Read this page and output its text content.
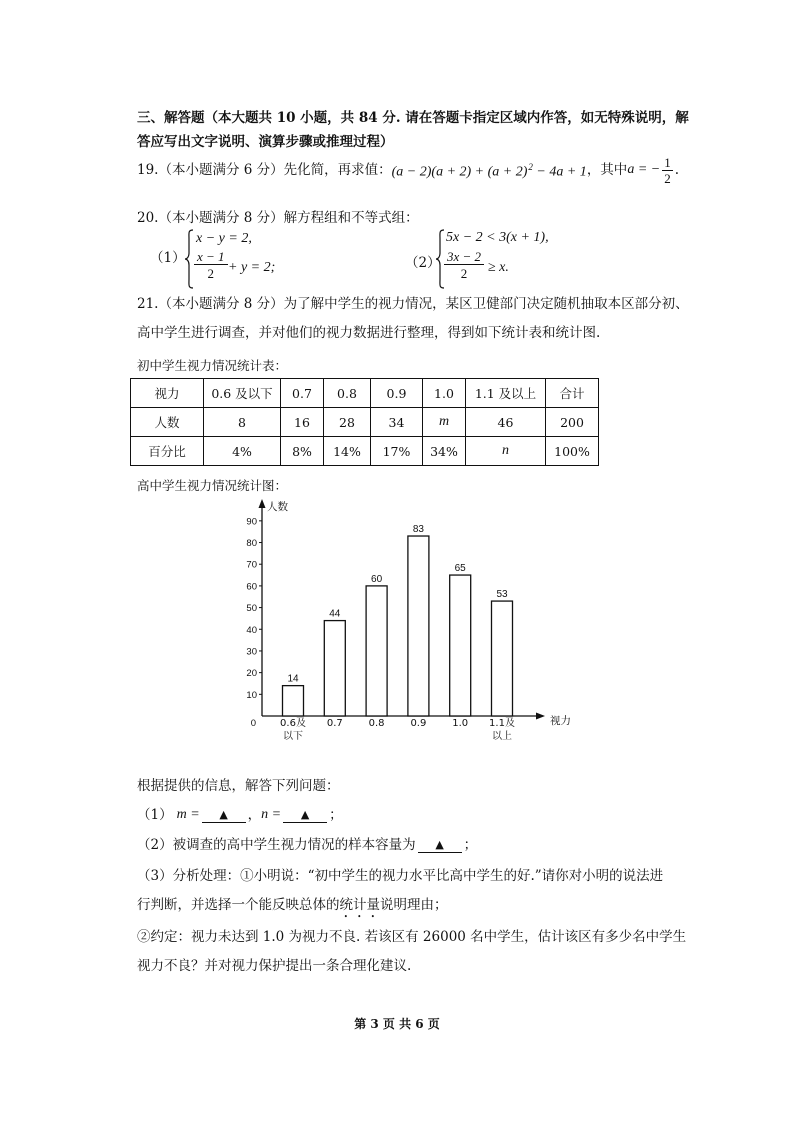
三、解答题（本大题共 10 小题，共 84 分. 请在答题卡指定区域内作答，如无特殊说明，解
答应写出文字说明、演算步骤或推理过程）
19.（本小题满分 6 分）先化简，再求值： $(a - 2)(a + 2) + (a + 2)^2 - 4a + 1$ ，其中 a = − $\frac{1}{2}$ .
20.（本小题满分 8 分）解方程组和不等式组：
（1）
x − y = 2,
$\frac{x - 1}{2} + y = 2$;	（2）
5x − 2 < 3(x + 1),
$\frac{3x - 2}{2} \ge x$.
21.（本小题满分 8 分）为了解中学生的视力情况，某区卫健部门决定随机抽取本区部分初、
高中学生进行调查，并对他们的视力数据进行整理，得到如下统计表和统计图.
初中学生视力情况统计表：
视力	0.6 及以下	0.7	0.8	0.9	1.0	1.1 及以上	合计
人数	8	16	28	34	m	46	200
百分比	4%	8%	14%	17%	34%	n	100%
高中学生视力情况统计图：
人数
视力
0
10
20
30
40
50
60
70
80
90
14
0.6及以下
44
0.7
60
0.8
83
0.9
65
1.0
53
1.1及以上
根据提供的信息，解答下列问题：
（1） m =	▲	， n =	▲	；
（2）被调查的高中学生视力情况的样本容量为	▲	；
（3）分析处理：①小明说：“初中学生的视力水平比高中学生的好.”请你对小明的说法进
行判断，并选择一个能反映总体的统计量说明理由；
②约定：视力未达到 1.0 为视力不良. 若该区有 26000 名中学生，估计该区有多少名中学生
视力不良？并对视力保护提出一条合理化建议.
第 3 页 共 6 页
